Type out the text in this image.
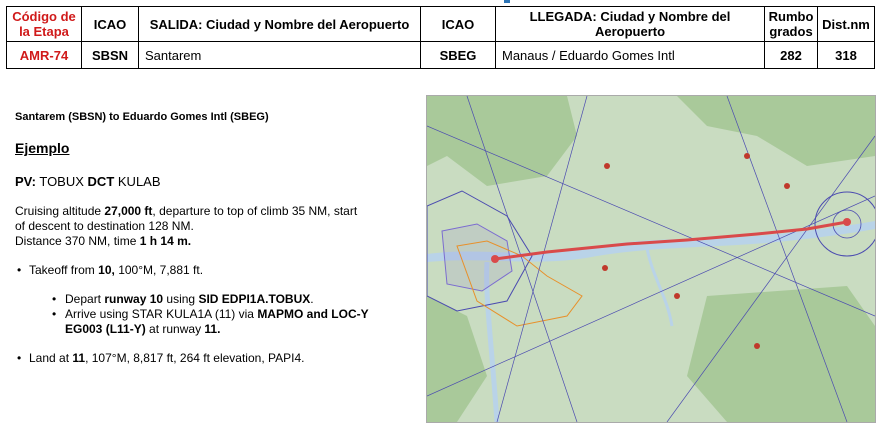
Código de la Etapa	ICAO	SALIDA: Ciudad y Nombre del Aeropuerto	ICAO	LLEGADA: Ciudad y Nombre del Aeropuerto	Rumbo grados	Dist.nm
AMR-74	SBSN	Santarem	SBEG	Manaus / Eduardo Gomes Intl	282	318
Santarem (SBSN) to Eduardo Gomes Intl (SBEG)
Ejemplo
PV: TOBUX DCT KULAB
Cruising altitude 27,000 ft, departure to top of climb 35 NM, start
of descent to destination 128 NM.
Distance 370 NM, time 1 h 14 m.
• Takeoff from 10, 100°M, 7,881 ft.
• Depart runway 10 using SID EDPI1A.TOBUX.
• Arrive using STAR KULA1A (11) via MAPMO and LOC-Y
EG003 (L11-Y) at runway 11.
• Land at 11, 107°M, 8,817 ft, 264 ft elevation, PAPI4.
